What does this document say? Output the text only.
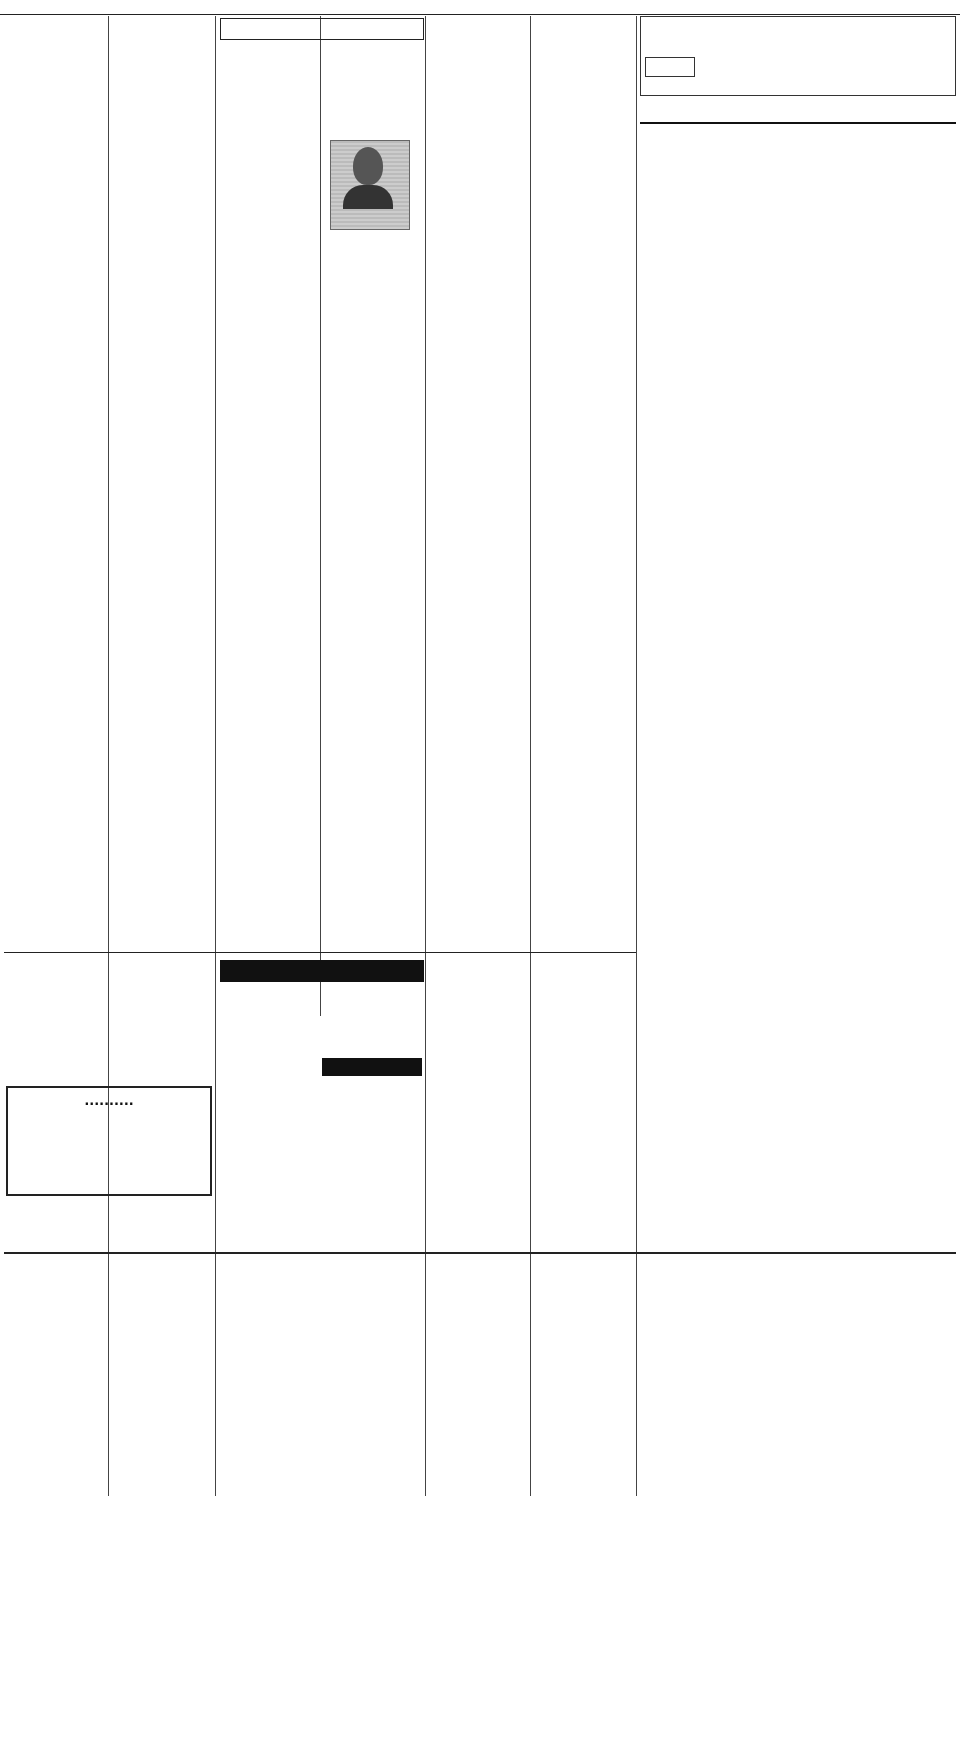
..........
